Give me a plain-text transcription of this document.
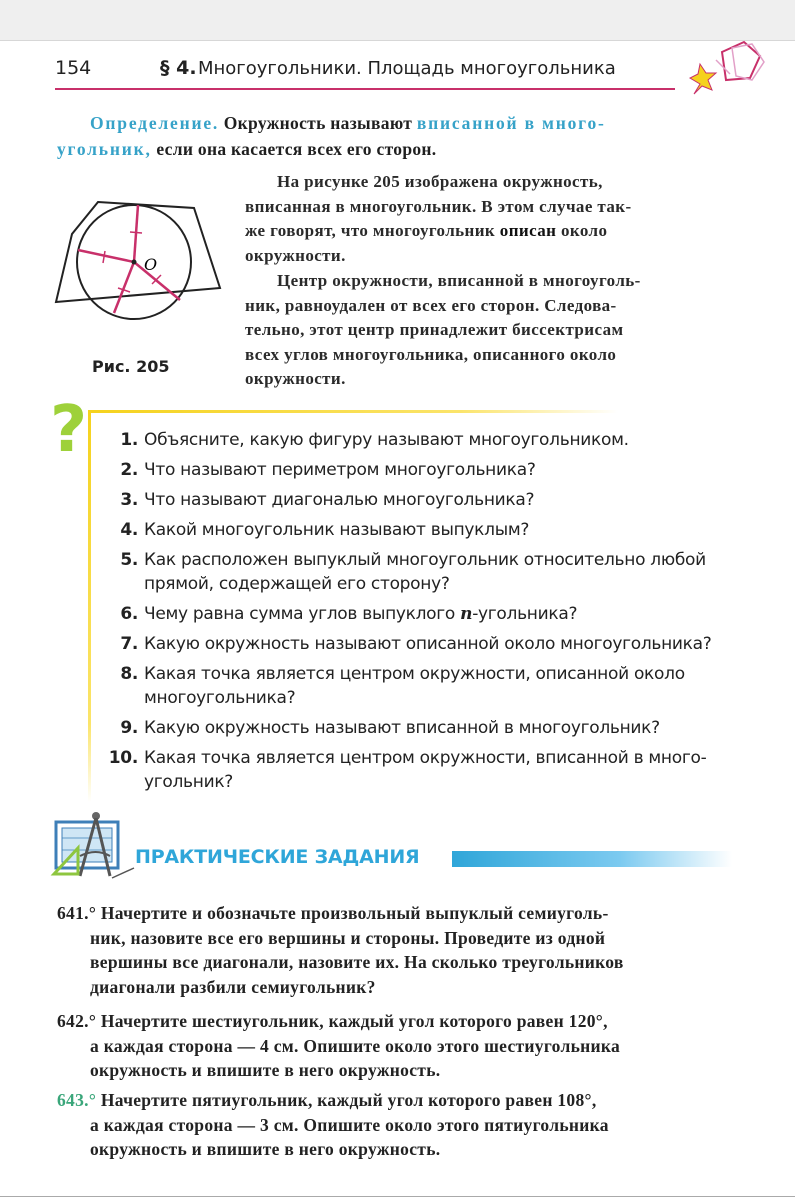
154	§ 4. Многоугольники. Площадь многоугольника
Определение. Окружность называют вписанной в много-
угольник, если она касается всех его сторон.
O
Рис. 205
На рисунке 205 изображена окружность,
вписанная в многоугольник. В этом случае так-
же говорят, что многоугольник описан около
окружности.
Центр окружности, вписанной в многоуголь-
ник, равноудален от всех его сторон. Следова-
тельно, этот центр принадлежит биссектрисам
всех углов многоугольника, описанного около
окружности.
?	1. Объясните, какую фигуру называют многоугольником.
2. Что называют периметром многоугольника?
3. Что называют диагональю многоугольника?
4. Какой многоугольник называют выпуклым?
5. Как расположен выпуклый многоугольник относительно любой
прямой, содержащей его сторону?
6. Чему равна сумма углов выпуклого n-угольника?
7. Какую окружность называют описанной около многоугольника?
8. Какая точка является центром окружности, описанной около
многоугольника?
9. Какую окружность называют вписанной в многоугольник?
10. Какая точка является центром окружности, вписанной в много-
угольник?
ПРАКТИЧЕСКИЕ ЗАДАНИЯ
641.° Начертите и обозначьте произвольный выпуклый семиуголь-
ник, назовите все его вершины и стороны. Проведите из одной
вершины все диагонали, назовите их. На сколько треугольников
диагонали разбили семиугольник?
642.° Начертите шестиугольник, каждый угол которого равен 120°,
а каждая сторона — 4 см. Опишите около этого шестиугольника
окружность и впишите в него окружность.
643.° Начертите пятиугольник, каждый угол которого равен 108°,
а каждая сторона — 3 см. Опишите около этого пятиугольника
окружность и впишите в него окружность.
